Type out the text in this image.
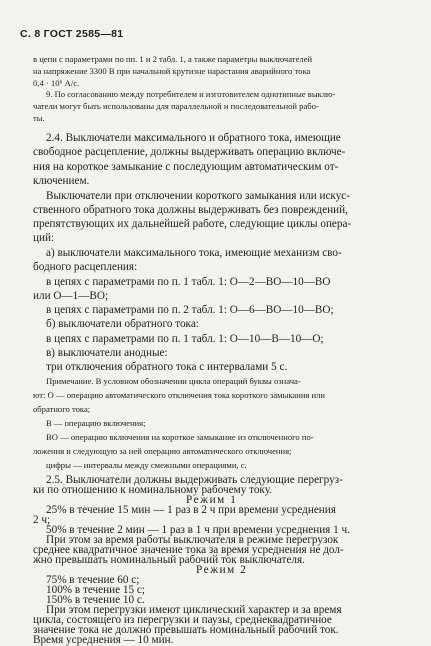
С. 8 ГОСТ 2585—81
в цепи с параметрами по пп. 1 и 2 табл. 1, а также параметры выключателей
на напряжение 3300 В при начальной крутизне нарастания аварийного тока
0,4 · 10⁶ А/с.
9. По согласованию между потребителем и изготовителем однотипные выклю-
чатели могут быть использованы для параллельной и последовательной рабо-
ты.
2.4. Выключатели максимального и обратного тока, имеющие
свободное расцепление, должны выдерживать операцию включе-
ния на короткое замыкание с последующим автоматическим от-
ключением.
Выключатели при отключении короткого замыкания или искус-
ственного обратного тока должны выдерживать без повреждений,
препятствующих их дальнейшей работе, следующие циклы опера-
ций:
а) выключатели максимального тока, имеющие механизм сво-
бодного расцепления:
в цепях с параметрами по п. 1 табл. 1: О—2—ВО—10—ВО
или О—1—ВО;
в цепях с параметрами по п. 2 табл. 1: О—6—ВО—10—ВО;
б) выключатели обратного тока:
в цепях с параметрами по п. 1 табл. 1: О—10—В—10—О;
в) выключатели анодные:
три отключения обратного тока с интервалами 5 с.
Примечание. В условном обозначении цикла операций буквы означа-
ют: О — операцию автоматического отключения тока короткого замыкания или
обратного тока;
В — операцию включения;
ВО — операцию включения на короткое замыкание из отключенного по-
ложения и следующую за ней операцию автоматического отключения;
цифры — интервалы между смежными операциями, с.
2.5. Выключатели должны выдерживать следующие перегруз-
ки по отношению к номинальному рабочему току.
Режим 1
25% в течение 15 мин — 1 раз в 2 ч при времени усреднения
2 ч;
50% в течение 2 мин — 1 раз в 1 ч при времени усреднения 1 ч.
При этом за время работы выключателя в режиме перегрузок
среднее квадратичное значение тока за время усреднения не дол-
жно превышать номинальный рабочий ток выключателя.
Режим 2
75% в течение 60 с;
100% в течение 15 с;
150% в течение 10 с.
При этом перегрузки имеют циклический характер и за время
цикла, состоящего из перегрузки и паузы, среднеквадратичное
значение тока не должно превышать номинальный рабочий ток.
Время усреднения — 10 мин.
